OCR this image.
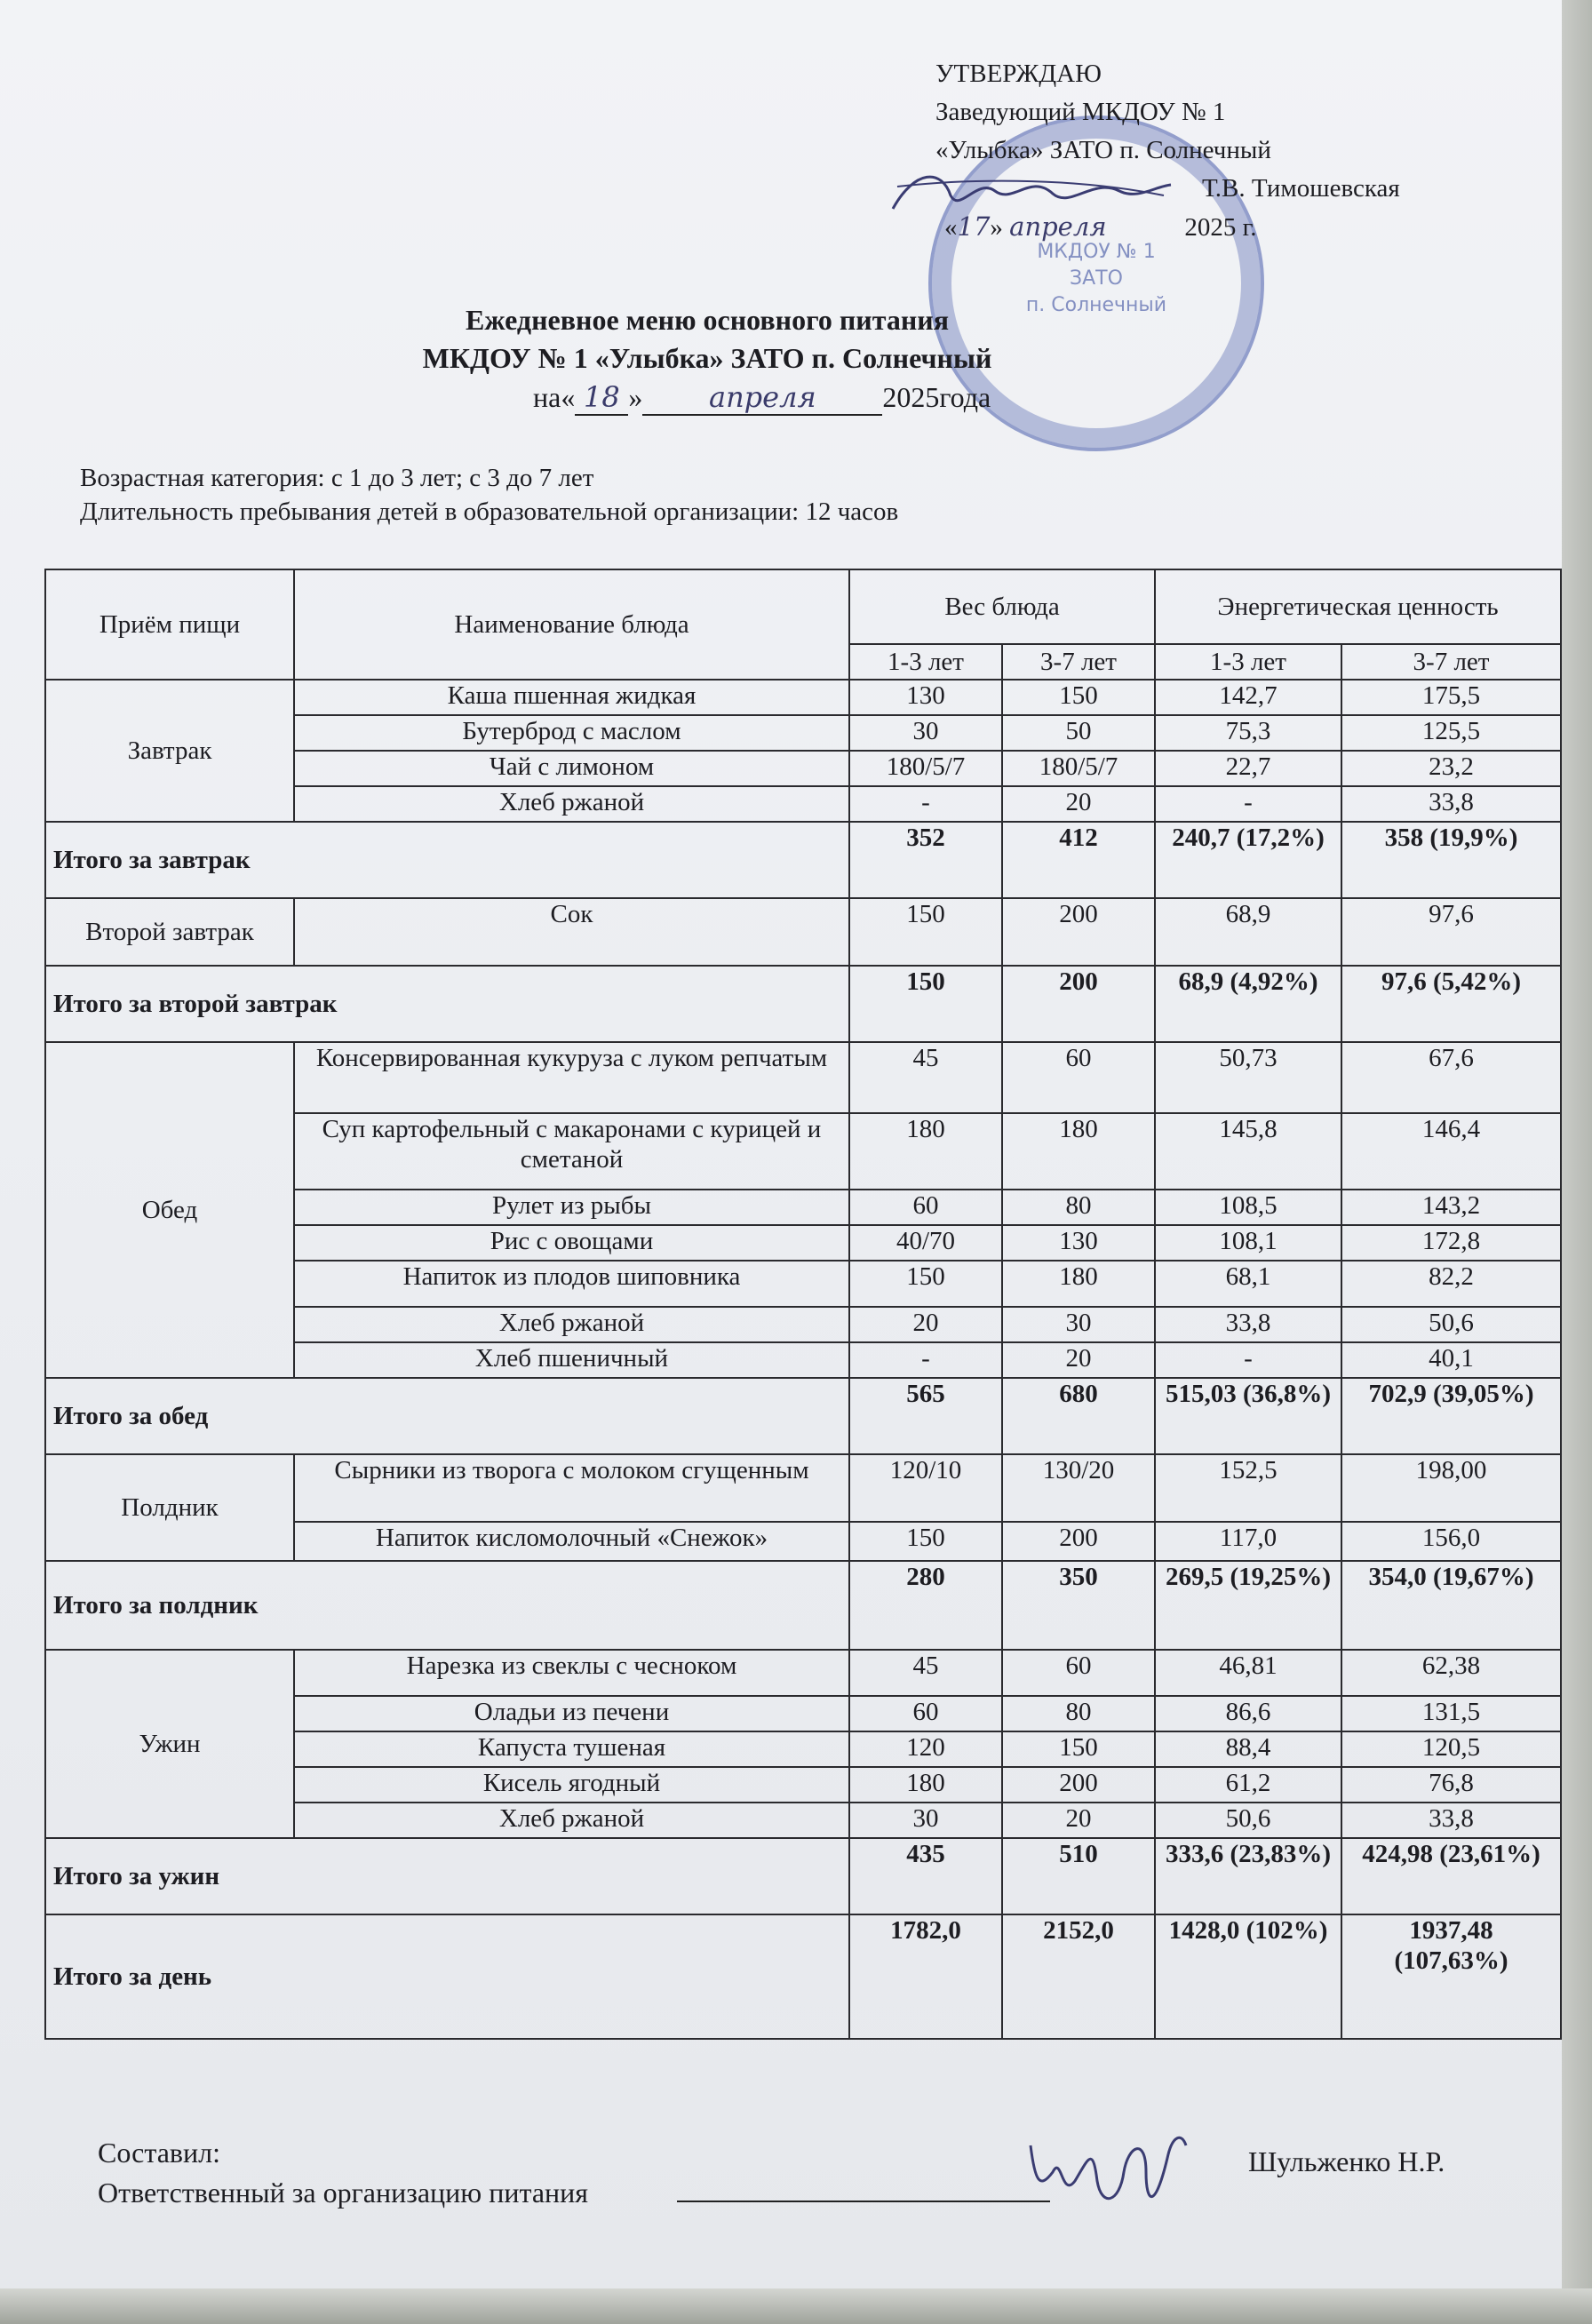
МКДОУ № 1
ЗАТО
п. Солнечный
УТВЕРЖДАЮ
Заведующий МКДОУ № 1
«Улыбка» ЗАТО п. Солнечный
Т.В. Тимошевская
«17» апреля	2025 г.
Ежедневное меню основного питания
МКДОУ № 1 «Улыбка» ЗАТО п. Солнечный
на« 18 » апреля 2025года
Возрастная категория: с 1 до 3 лет; с 3 до 7 лет
Длительность пребывания детей в образовательной организации: 12 часов
Приём пищи	Наименование блюда	Вес блюда		Энергетическая ценность	
		1-3 лет	3-7 лет	1-3 лет	3-7 лет
Завтрак	Каша пшенная жидкая	130	150	142,7	175,5
	Бутерброд с маслом	30	50	75,3	125,5
	Чай с лимоном	180/5/7	180/5/7	22,7	23,2
	Хлеб ржаной	-	20	-	33,8
Итого за завтрак		352	412	240,7 (17,2%)	358 (19,9%)
Второй завтрак	Сок	150	200	68,9	97,6
Итого за второй завтрак		150	200	68,9 (4,92%)	97,6 (5,42%)
Обед	Консервированная кукуруза с луком репчатым	45	60	50,73	67,6
	Суп картофельный с макаронами с курицей и сметаной	180	180	145,8	146,4
	Рулет из рыбы	60	80	108,5	143,2
	Рис с овощами	40/70	130	108,1	172,8
	Напиток из плодов шиповника	150	180	68,1	82,2
	Хлеб ржаной	20	30	33,8	50,6
	Хлеб пшеничный	-	20	-	40,1
Итого за обед		565	680	515,03 (36,8%)	702,9 (39,05%)
Полдник	Сырники из творога с молоком сгущенным	120/10	130/20	152,5	198,00
	Напиток кисломолочный «Снежок»	150	200	117,0	156,0
Итого за полдник		280	350	269,5 (19,25%)	354,0 (19,67%)
Ужин	Нарезка из свеклы с чесноком	45	60	46,81	62,38
	Оладьи из печени	60	80	86,6	131,5
	Капуста тушеная	120	150	88,4	120,5
	Кисель ягодный	180	200	61,2	76,8
	Хлеб ржаной	30	20	50,6	33,8
Итого за ужин		435	510	333,6 (23,83%)	424,98 (23,61%)
Итого за день		1782,0	2152,0	1428,0 (102%)	1937,48 (107,63%)
Составил:
Ответственный за организацию питания
Шульженко Н.Р.
